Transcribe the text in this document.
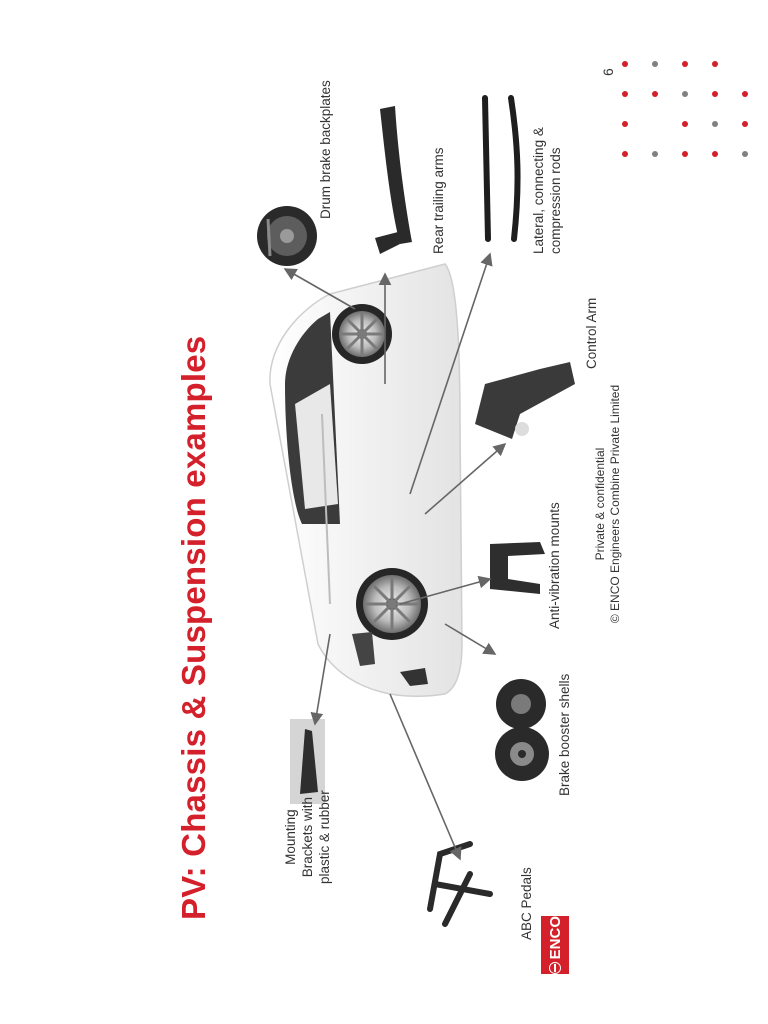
PV: Chassis & Suspension examples
Drum brake backplates	Rear trailing arms	Lateral, connecting & compression rods
Control Arm
Anti-vibration mounts
Brake booster shells
Mounting Brackets with plastic & rubber
ABC Pedals
6
Private & confidential © ENCO Engineers Combine Private Limited
ENCO
